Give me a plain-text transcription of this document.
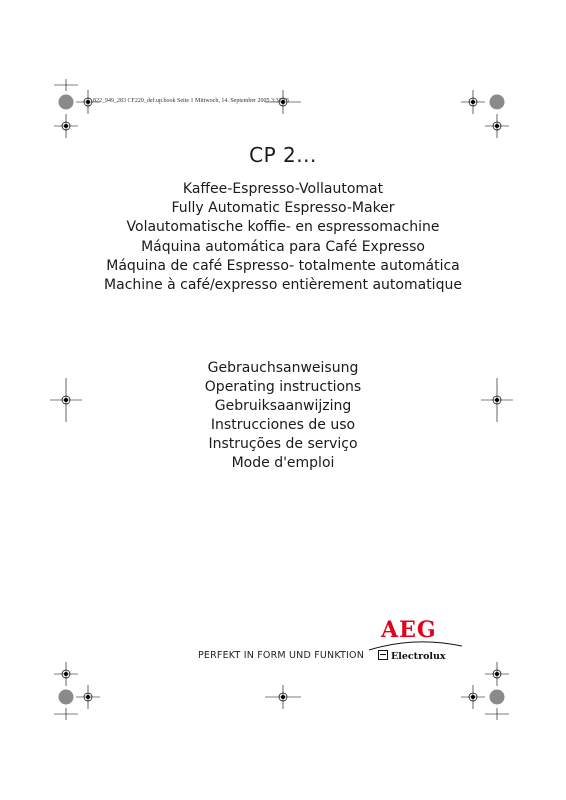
822_949_283 CF220_def.up.book Seite 1 Mittwoch, 14. September 2005 3:32 15
CP 2...
Kaffee-Espresso-Vollautomat
Fully Automatic Espresso-Maker
Volautomatische koffie- en espressomachine
Máquina automática para Café Expresso
Máquina de café Espresso- totalmente automática
Machine à café/expresso entièrement automatique
Gebrauchsanweisung
Operating instructions
Gebruiksaanwijzing
Instrucciones de uso
Instruções de serviço
Mode d'emploi
PERFEKT IN FORM UND FUNKTION
AEG
Electrolux
